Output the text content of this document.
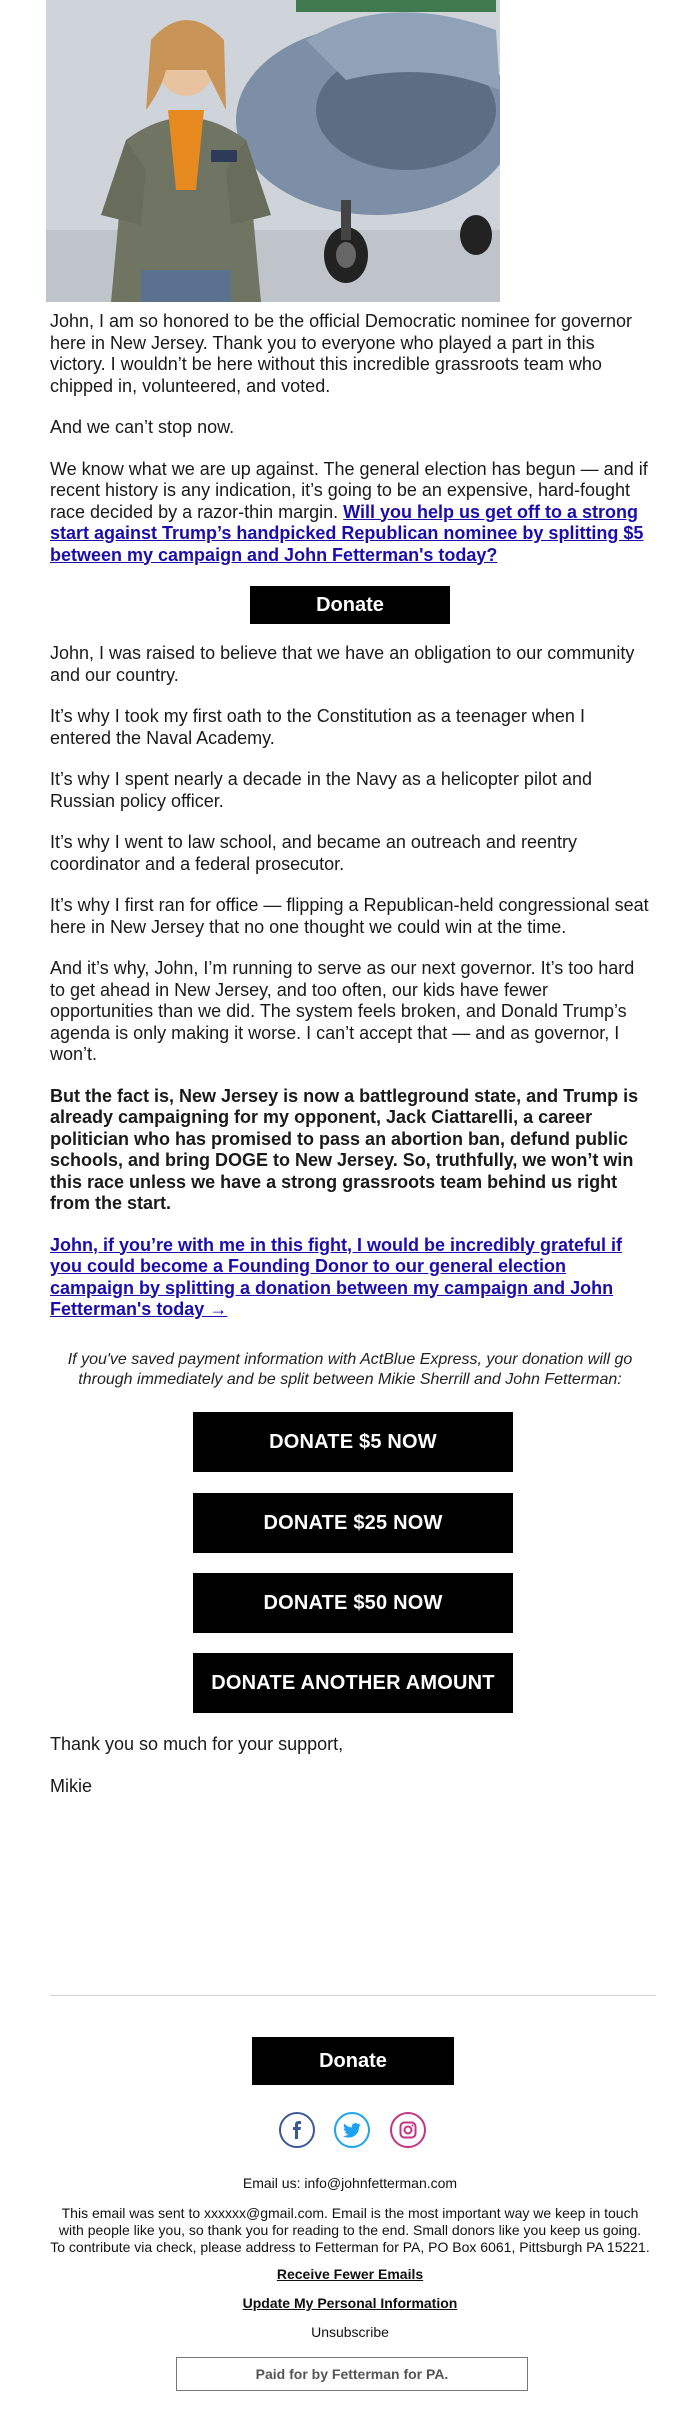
John, I am so honored to be the official Democratic nominee for governor here in New Jersey. Thank you to everyone who played a part in this victory. I wouldn’t be here without this incredible grassroots team who chipped in, volunteered, and voted.

And we can’t stop now.

We know what we are up against. The general election has begun — and if recent history is any indication, it’s going to be an expensive, hard-fought race decided by a razor-thin margin. Will you help us get off to a strong start against Trump’s handpicked Republican nominee by splitting $5 between my campaign and John Fetterman's today?

Donate

John, I was raised to believe that we have an obligation to our community and our country.

It’s why I took my first oath to the Constitution as a teenager when I entered the Naval Academy.

It’s why I spent nearly a decade in the Navy as a helicopter pilot and Russian policy officer.

It’s why I went to law school, and became an outreach and reentry coordinator and a federal prosecutor.

It’s why I first ran for office — flipping a Republican-held congressional seat here in New Jersey that no one thought we could win at the time.

And it’s why, John, I’m running to serve as our next governor. It’s too hard to get ahead in New Jersey, and too often, our kids have fewer opportunities than we did. The system feels broken, and Donald Trump’s agenda is only making it worse. I can’t accept that — and as governor, I won’t.

But the fact is, New Jersey is now a battleground state, and Trump is already campaigning for my opponent, Jack Ciattarelli, a career politician who has promised to pass an abortion ban, defund public schools, and bring DOGE to New Jersey. So, truthfully, we won’t win this race unless we have a strong grassroots team behind us right from the start.

John, if you’re with me in this fight, I would be incredibly grateful if you could become a Founding Donor to our general election campaign by splitting a donation between my campaign and John Fetterman's today →

If you've saved payment information with ActBlue Express, your donation will go through immediately and be split between Mikie Sherrill and John Fetterman:
DONATE $5 NOW
DONATE $25 NOW
DONATE $50 NOW
DONATE ANOTHER AMOUNT

Thank you so much for your support,

Mikie

Donate
Email us: info@johnfetterman.com
This email was sent to xxxxxx@gmail.com. Email is the most important way we keep in touch with people like you, so thank you for reading to the end. Small donors like you keep us going. To contribute via check, please address to Fetterman for PA, PO Box 6061, Pittsburgh PA 15221.
Receive Fewer Emails
Update My Personal Information
Unsubscribe
Paid for by Fetterman for PA.
